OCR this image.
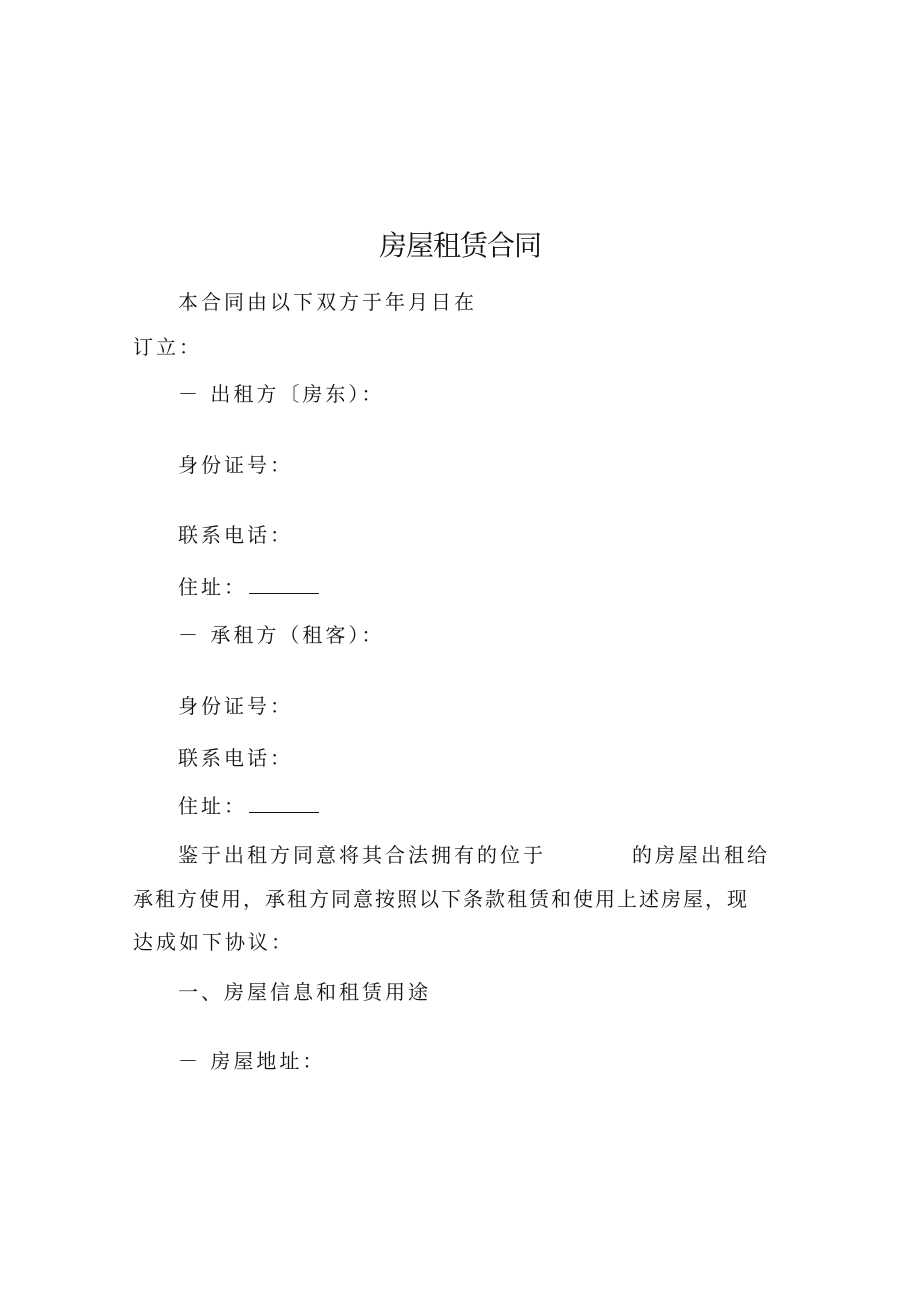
房屋租赁合同
本合同由以下双方于年月日在
订立：
－ 出租方〔房东）：
身份证号：
联系电话：
住址：
－ 承租方（租客）：
身份证号：
联系电话：
住址：
鉴于出租方同意将其合法拥有的位于	的房屋出租给
承租方使用，承租方同意按照以下条款租赁和使用上述房屋，现
达成如下协议：
一、房屋信息和租赁用途
－ 房屋地址：
